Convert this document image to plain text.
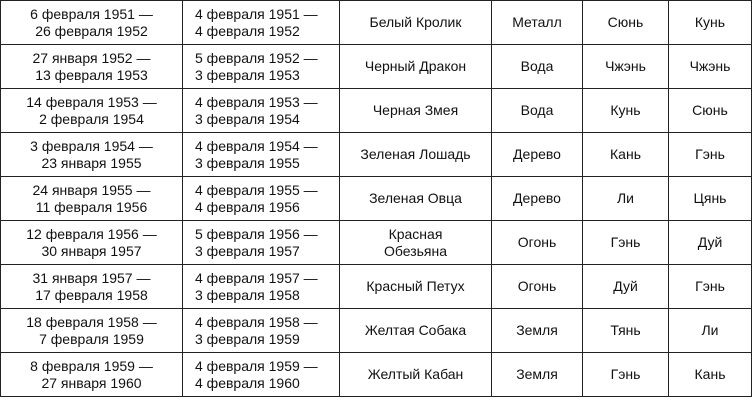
6 февраля 1951 —
26 февраля 1952	4 февраля 1951 —
4 февраля 1952	Белый Кролик	Металл	Сюнь	Кунь

27 января 1952 —
13 февраля 1953	5 февраля 1952 —
3 февраля 1953	Черный Дракон	Вода	Чжэнь	Чжэнь

14 февраля 1953 —
2 февраля 1954	4 февраля 1953 —
3 февраля 1954	Черная Змея	Вода	Кунь	Сюнь

3 февраля 1954 —
23 января 1955	4 февраля 1954 —
3 февраля 1955	Зеленая Лошадь	Дерево	Кань	Гэнь

24 января 1955 —
11 февраля 1956	4 февраля 1955 —
4 февраля 1956	Зеленая Овца	Дерево	Ли	Цянь

12 февраля 1956 —
30 января 1957	5 февраля 1956 —
3 февраля 1957	Красная
Обезьяна	Огонь	Гэнь	Дуй

31 января 1957 —
17 февраля 1958	4 февраля 1957 —
3 февраля 1958	Красный Петух	Огонь	Дуй	Гэнь

18 февраля 1958 —
7 февраля 1959	4 февраля 1958 —
3 февраля 1959	Желтая Собака	Земля	Тянь	Ли

8 февраля 1959 —
27 января 1960	4 февраля 1959 —
4 февраля 1960	Желтый Кабан	Земля	Гэнь	Кань
